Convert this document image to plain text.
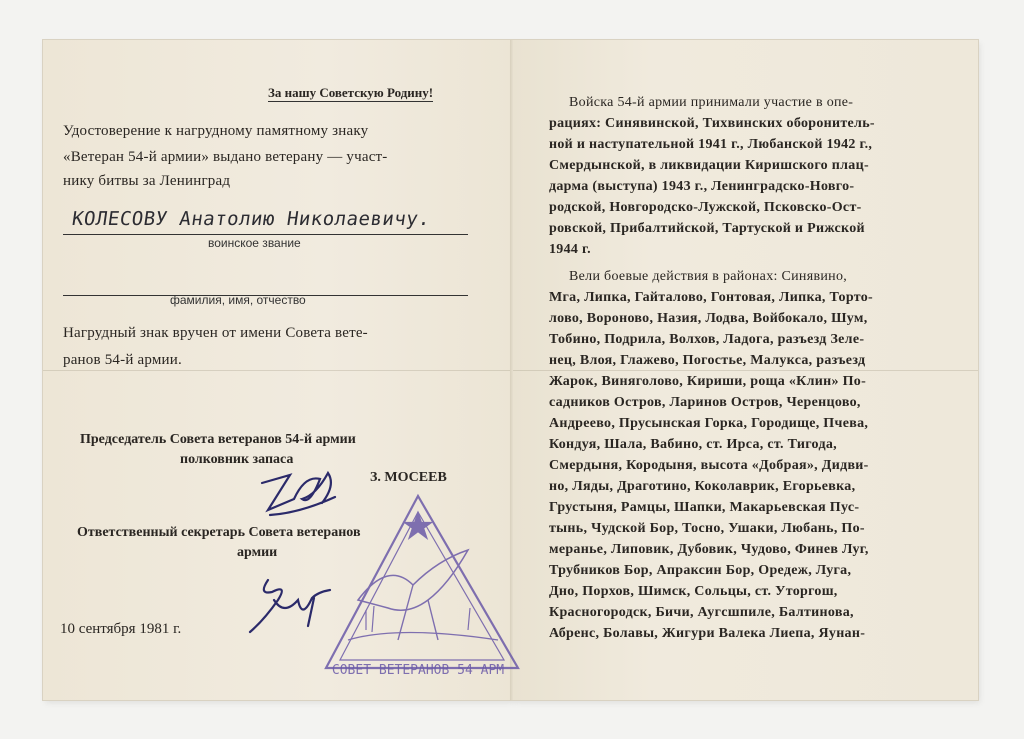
За нашу Советскую Родину!
Удостоверение к нагрудному памятному знаку
«Ветеран 54-й армии» выдано ветерану — участ-
нику битвы за Ленинград
КОЛЕСОВУ Анатолию Николаевичу.
воинское звание
фамилия, имя, отчество
Нагрудный знак вручен от имени Совета вете-
ранов 54-й армии.
Председатель Совета ветеранов 54-й армии
полковник запаса
З. МОСЕЕВ
Ответственный секретарь Совета ветеранов
армии
10 сентября 1981 г.
СОВЕТ ВЕТЕРАНОВ 54 АРМ
Войска 54-й армии принимали участие в опе-
рациях: Синявинской, Тихвинских оборонитель-
ной и наступательной 1941 г., Любанской 1942 г.,
Смердынской, в ликвидации Киришского плац-
дарма (выступа) 1943 г., Ленинградско-Новго-
родской, Новгородско-Лужской, Псковско-Ост-
ровской, Прибалтийской, Тартуской и Рижской
1944 г.
Вели боевые действия в районах: Синявино,
Мга, Липка, Гайталово, Гонтовая, Липка, Торто-
лово, Вороново, Назия, Лодва, Войбокало, Шум,
Тобино, Подрила, Волхов, Ладога, разъезд Зеле-
нец, Влоя, Глажево, Погостье, Малукса, разъезд
Жарок, Виняголово, Кириши, роща «Клин» По-
садников Остров, Ларинов Остров, Черенцово,
Андреево, Прусынская Горка, Городище, Пчева,
Кондуя, Шала, Вабино, ст. Ирса, ст. Тигода,
Смердыня, Кородыня, высота «Добрая», Дидви-
но, Ляды, Драготино, Коколаврик, Егорьевка,
Грустыня, Рамцы, Шапки, Макарьевская Пус-
тынь, Чудской Бор, Тосно, Ушаки, Любань, По-
меранье, Липовик, Дубовик, Чудово, Финев Луг,
Трубников Бор, Апраксин Бор, Оредеж, Луга,
Дно, Порхов, Шимск, Сольцы, ст. Уторгош,
Красногородск, Бичи, Аугсшпиле, Балтинова,
Абренс, Болавы, Жигури Валека Лиепа, Яунан-
